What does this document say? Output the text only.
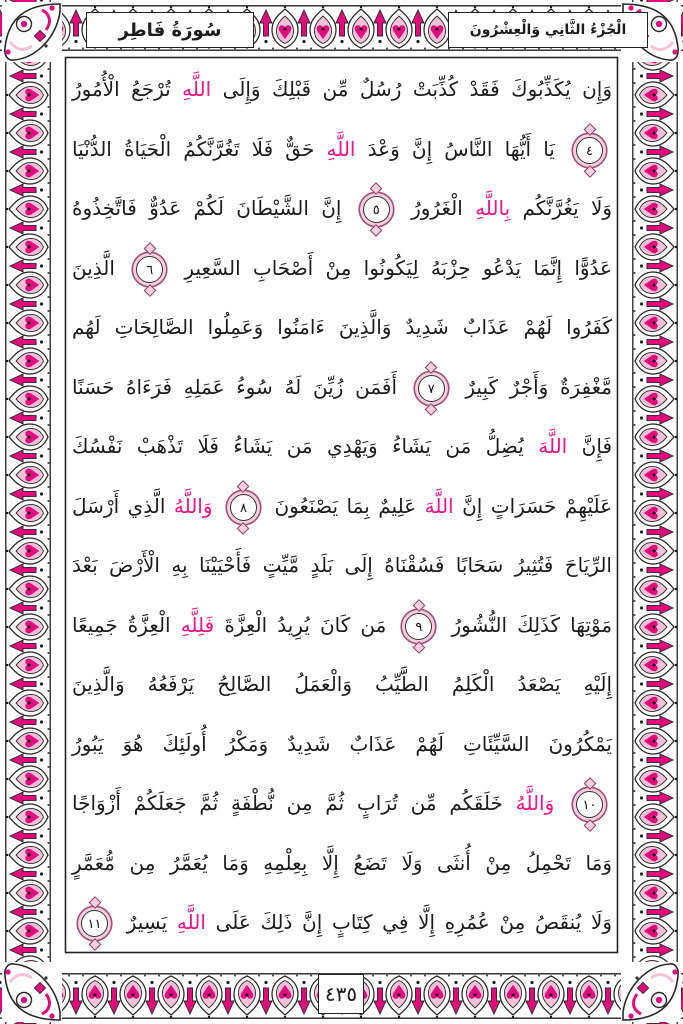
سُورَةُ فَاطِر	الْجُزْءُ الثَّانِي وَالْعِشْرُونَ
وَإِن يُكَذِّبُوكَ فَقَدْ كُذِّبَتْ رُسُلٌ مِّن قَبْلِكَ وَإِلَى اللَّهِ تُرْجَعُ الْأُمُورُ
٤ يَا أَيُّهَا النَّاسُ إِنَّ وَعْدَ اللَّهِ حَقٌّ فَلَا تَغُرَّنَّكُمُ الْحَيَاةُ الدُّنْيَا
وَلَا يَغُرَّنَّكُم بِاللَّهِ الْغَرُورُ ٥ إِنَّ الشَّيْطَانَ لَكُمْ عَدُوٌّ فَاتَّخِذُوهُ
عَدُوًّا إِنَّمَا يَدْعُو حِزْبَهُ لِيَكُونُوا مِنْ أَصْحَابِ السَّعِيرِ ٦ الَّذِينَ
كَفَرُوا لَهُمْ عَذَابٌ شَدِيدٌ وَالَّذِينَ ءَامَنُوا وَعَمِلُوا الصَّالِحَاتِ لَهُم
مَّغْفِرَةٌ وَأَجْرٌ كَبِيرٌ ٧ أَفَمَن زُيِّنَ لَهُ سُوءُ عَمَلِهِ فَرَءَاهُ حَسَنًا
فَإِنَّ اللَّهَ يُضِلُّ مَن يَشَاءُ وَيَهْدِي مَن يَشَاءُ فَلَا تَذْهَبْ نَفْسُكَ
عَلَيْهِمْ حَسَرَاتٍ إِنَّ اللَّهَ عَلِيمٌ بِمَا يَصْنَعُونَ ٨ وَاللَّهُ الَّذِي أَرْسَلَ
الرِّيَاحَ فَتُثِيرُ سَحَابًا فَسُقْنَاهُ إِلَى بَلَدٍ مَّيِّتٍ فَأَحْيَيْنَا بِهِ الْأَرْضَ بَعْدَ
مَوْتِهَا كَذَلِكَ النُّشُورُ ٩ مَن كَانَ يُرِيدُ الْعِزَّةَ فَلِلَّهِ الْعِزَّةُ جَمِيعًا
إِلَيْهِ يَصْعَدُ الْكَلِمُ الطَّيِّبُ وَالْعَمَلُ الصَّالِحُ يَرْفَعُهُ وَالَّذِينَ
يَمْكُرُونَ السَّيِّئَاتِ لَهُمْ عَذَابٌ شَدِيدٌ وَمَكْرُ أُولَئِكَ هُوَ يَبُورُ
١٠ وَاللَّهُ خَلَقَكُم مِّن تُرَابٍ ثُمَّ مِن نُّطْفَةٍ ثُمَّ جَعَلَكُمْ أَزْوَاجًا
وَمَا تَحْمِلُ مِنْ أُنثَى وَلَا تَضَعُ إِلَّا بِعِلْمِهِ وَمَا يُعَمَّرُ مِن مُّعَمَّرٍ
وَلَا يُنقَصُ مِنْ عُمُرِهِ إِلَّا فِي كِتَابٍ إِنَّ ذَلِكَ عَلَى اللَّهِ يَسِيرٌ ١١
٤٣٥
